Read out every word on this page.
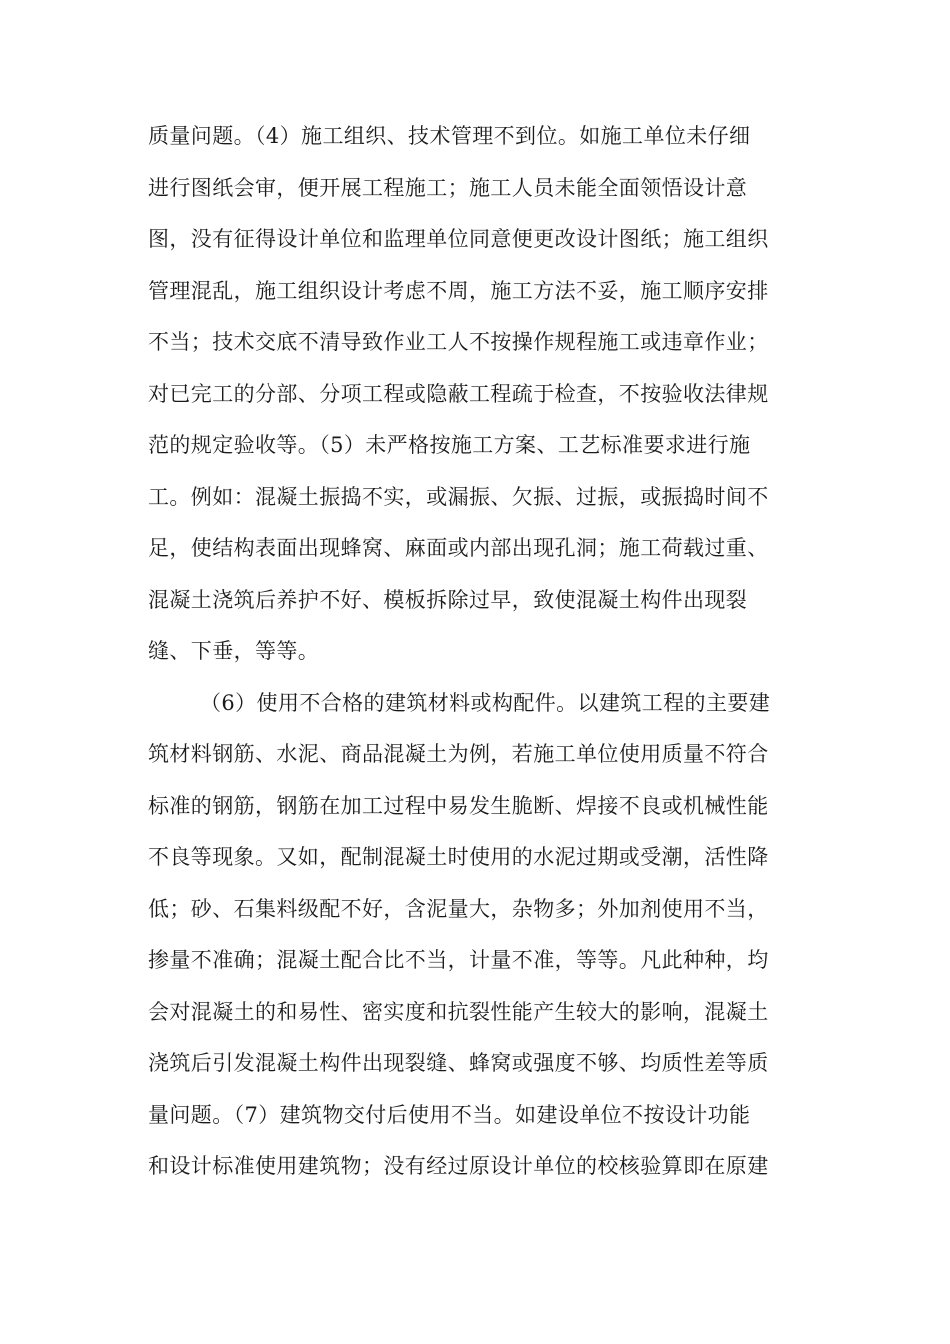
质量问题。（4）施工组织、技术管理不到位。如施工单位未仔细
进行图纸会审，便开展工程施工；施工人员未能全面领悟设计意
图，没有征得设计单位和监理单位同意便更改设计图纸；施工组织
管理混乱，施工组织设计考虑不周，施工方法不妥，施工顺序安排
不当；技术交底不清导致作业工人不按操作规程施工或违章作业；
对已完工的分部、分项工程或隐蔽工程疏于检查，不按验收法律规
范的规定验收等。（5）未严格按施工方案、工艺标准要求进行施
工。例如：混凝土振捣不实，或漏振、欠振、过振，或振捣时间不
足，使结构表面出现蜂窝、麻面或内部出现孔洞；施工荷载过重、
混凝土浇筑后养护不好、模板拆除过早，致使混凝土构件出现裂
缝、下垂，等等。
（6）使用不合格的建筑材料或构配件。以建筑工程的主要建
筑材料钢筋、水泥、商品混凝土为例，若施工单位使用质量不符合
标准的钢筋，钢筋在加工过程中易发生脆断、焊接不良或机械性能
不良等现象。又如，配制混凝土时使用的水泥过期或受潮，活性降
低；砂、石集料级配不好，含泥量大，杂物多；外加剂使用不当，
掺量不准确；混凝土配合比不当，计量不准，等等。凡此种种，均
会对混凝土的和易性、密实度和抗裂性能产生较大的影响，混凝土
浇筑后引发混凝土构件出现裂缝、蜂窝或强度不够、均质性差等质
量问题。（7）建筑物交付后使用不当。如建设单位不按设计功能
和设计标准使用建筑物；没有经过原设计单位的校核验算即在原建
